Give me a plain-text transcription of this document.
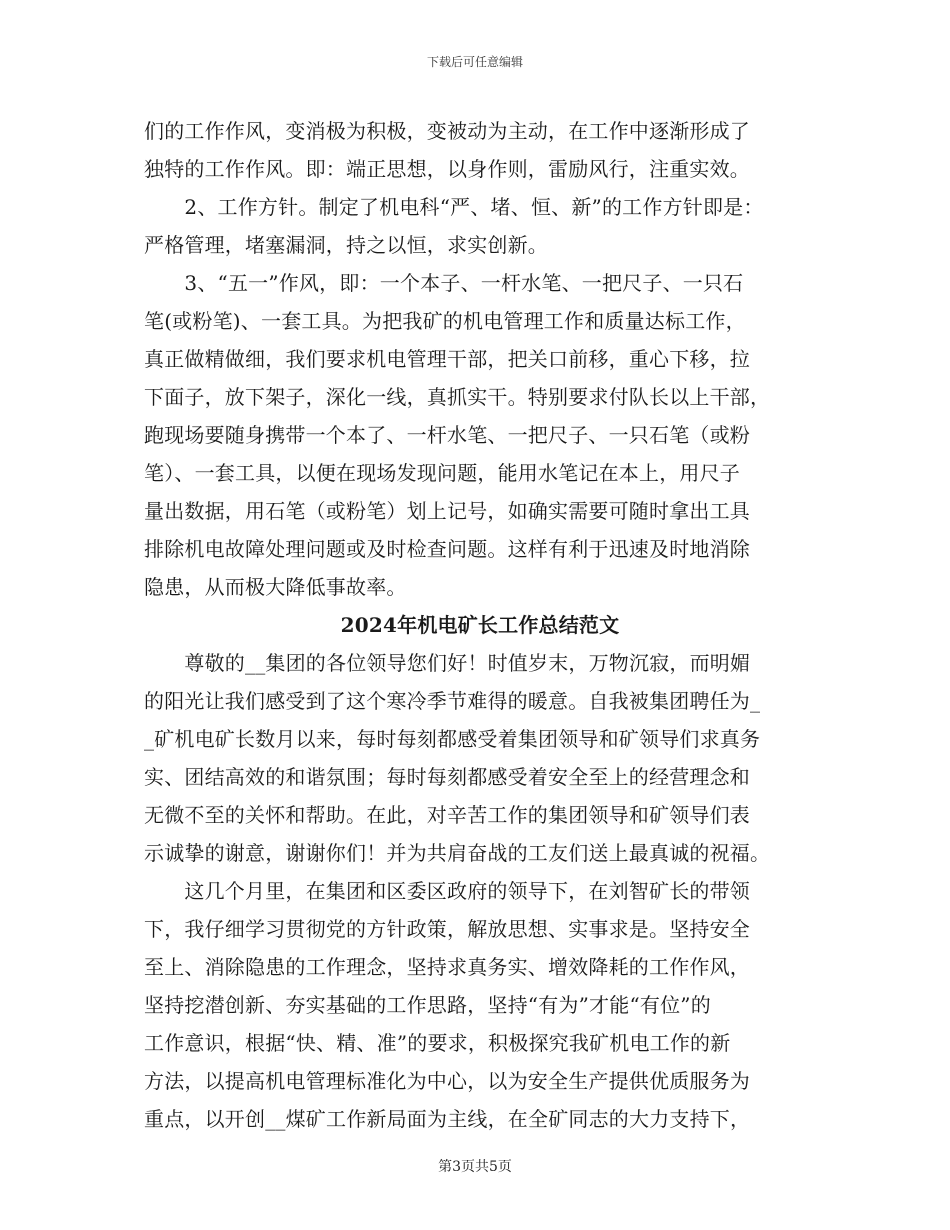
下载后可任意编辑
们的工作作风，变消极为积极，变被动为主动，在工作中逐渐形成了
独特的工作作风。即：端正思想，以身作则，雷励风行，注重实效。
　　2、工作方针。制定了机电科“严、堵、恒、新”的工作方针即是：
严格管理，堵塞漏洞，持之以恒，求实创新。
　　3、“五一”作风，即：一个本子、一杆水笔、一把尺子、一只石
笔(或粉笔)、一套工具。为把我矿的机电管理工作和质量达标工作，
真正做精做细，我们要求机电管理干部，把关口前移，重心下移，拉
下面子，放下架子，深化一线，真抓实干。特别要求付队长以上干部，
跑现场要随身携带一个本了、一杆水笔、一把尺子、一只石笔（或粉
笔）、一套工具，以便在现场发现问题，能用水笔记在本上，用尺子
量出数据，用石笔（或粉笔）划上记号，如确实需要可随时拿出工具
排除机电故障处理问题或及时检查问题。这样有利于迅速及时地消除
隐患，从而极大降低事故率。
2024年机电矿长工作总结范文
　　尊敬的__集团的各位领导您们好！时值岁末，万物沉寂，而明媚
的阳光让我们感受到了这个寒冷季节难得的暖意。自我被集团聘任为_
_矿机电矿长数月以来，每时每刻都感受着集团领导和矿领导们求真务
实、团结高效的和谐氛围；每时每刻都感受着安全至上的经营理念和
无微不至的关怀和帮助。在此，对辛苦工作的集团领导和矿领导们表
示诚挚的谢意，谢谢你们！并为共肩奋战的工友们送上最真诚的祝福。
　　这几个月里，在集团和区委区政府的领导下，在刘智矿长的带领
下，我仔细学习贯彻党的方针政策，解放思想、实事求是。坚持安全
至上、消除隐患的工作理念，坚持求真务实、增效降耗的工作作风，
坚持挖潜创新、夯实基础的工作思路，坚持“有为”才能“有位”的
工作意识，根据“快、精、准”的要求，积极探究我矿机电工作的新
方法，以提高机电管理标准化为中心，以为安全生产提供优质服务为
重点，以开创__煤矿工作新局面为主线，在全矿同志的大力支持下，
第3页共5页
